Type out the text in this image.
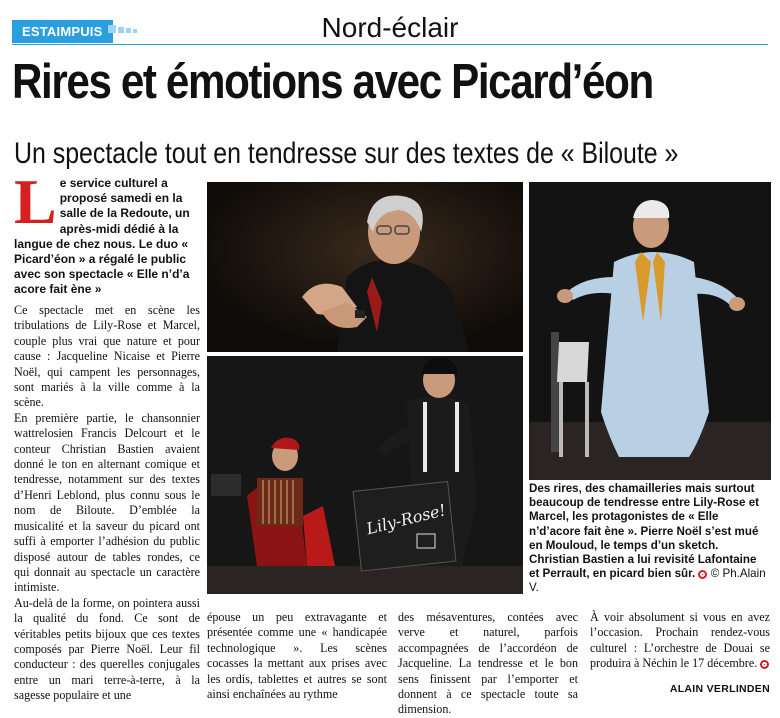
ESTAIMPUIS	Nord-éclair
Rires et émotions avec Picard’éon
Un spectacle tout en tendresse sur des textes de « Biloute »
Le service culturel a proposé samedi en la salle de la Redoute, un après-midi dédié à la langue de chez nous. Le duo « Picard’éon » a régalé le public avec son spectacle « Elle n’d’a acore fait ène »

Ce spectacle met en scène les tribulations de Lily-Rose et Marcel, couple plus vrai que nature et pour cause : Jacqueline Nicaise et Pierre Noël, qui campent les personnages, sont mariés à la ville comme à la scène.

En première partie, le chansonnier wattrelosien Francis Delcourt et le conteur Christian Bastien avaient donné le ton en alternant comique et tendresse, notamment sur des textes d’Henri Leblond, plus connu sous le nom de Biloute. D’emblée la musicalité et la saveur du picard ont suffi à emporter l’adhésion du public disposé autour de tables rondes, ce qui donnait au spectacle un caractère intimiste.

Au-delà de la forme, on pointera aussi la qualité du fond. Ce sont de véritables petits bijoux que ces textes composés par Pierre Noël. Leur fil conducteur : des querelles conjugales entre un mari terre-à-terre, à la sagesse populaire et une

Lily-Rose!
Des rires, des chamailleries mais surtout beaucoup de tendresse entre Lily-Rose et Marcel, les protagonistes de « Elle n’d’acore fait ène ». Pierre Noël s’est mué en Mouloud, le temps d’un sketch. Christian Bastien a lui revisité Lafontaine et Perrault, en picard bien sûr. © Ph.Alain V.

épouse un peu extravagante et présentée comme une « handicapée technologique ». Les scènes cocasses la mettant aux prises avec les ordis, tablettes et autres se sont ainsi enchaînées au rythme

des mésaventures, contées avec verve et naturel, parfois accompagnées de l’accordéon de Jacqueline. La tendresse et le bon sens finissent par l’emporter et donnent à ce spectacle toute sa dimension.

À voir absolument si vous en avez l’occasion. Prochain rendez-vous culturel : L’orchestre de Douai se produira à Néchin le 17 décembre.

ALAIN VERLINDEN
